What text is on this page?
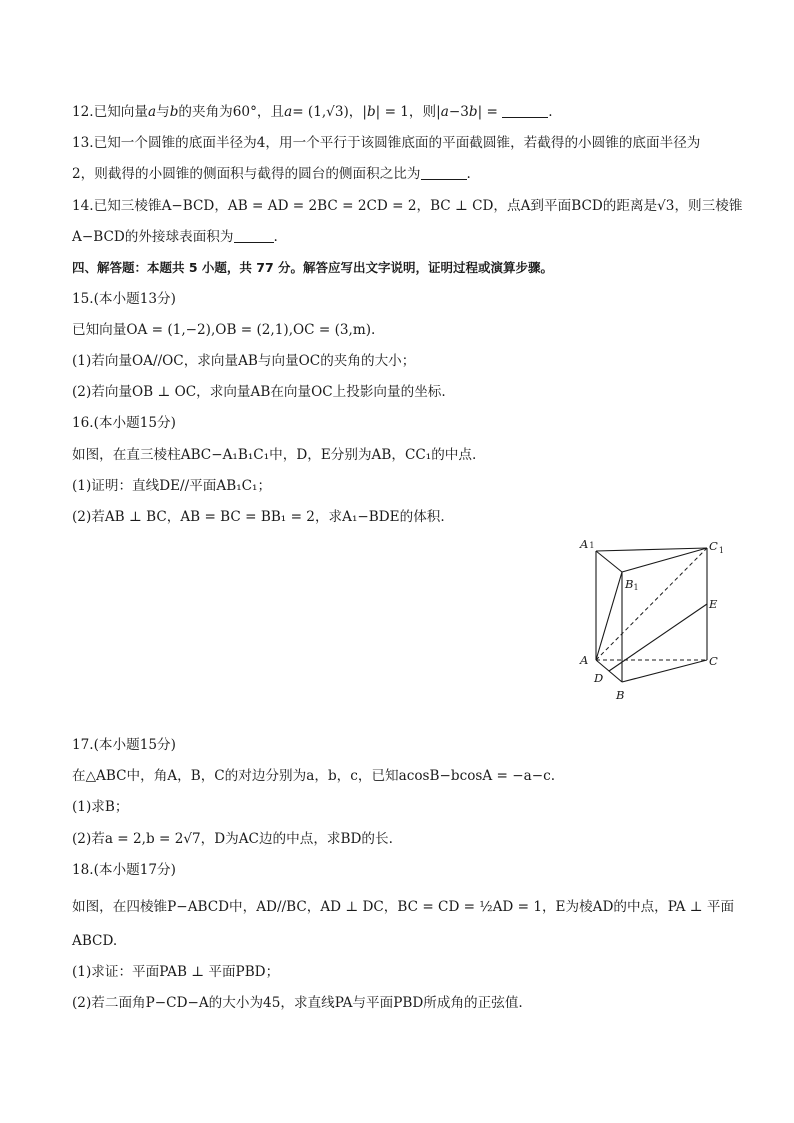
12.已知向量a与b的夹角为60°，且a= (1,√3)，|b| = 1，则|a−3b| =	.
13.已知一个圆锥的底面半径为4，用一个平行于该圆锥底面的平面截圆锥，若截得的小圆锥的底面半径为
2，则截得的小圆锥的侧面积与截得的圆台的侧面积之比为	.
14.已知三棱锥A−BCD，AB = AD = 2BC = 2CD = 2，BC ⊥ CD，点A到平面BCD的距离是√3，则三棱锥
A−BCD的外接球表面积为	.
四、解答题：本题共 5 小题，共 77 分。解答应写出文字说明，证明过程或演算步骤。
15.(本小题13分)
已知向量OA = (1,−2),OB = (2,1),OC = (3,m).
(1)若向量OA//OC，求向量AB与向量OC的夹角的大小；
(2)若向量OB ⊥ OC，求向量AB在向量OC上投影向量的坐标.
16.(本小题15分)
如图，在直三棱柱ABC−A₁B₁C₁中，D，E分别为AB，CC₁的中点.
(1)证明：直线DE//平面AB₁C₁；
(2)若AB ⊥ BC，AB = BC = BB₁ = 2，求A₁−BDE的体积.
A1	$C_1$
B1
E
A	C
D
B
17.(本小题15分)
在△ABC中，角A，B，C的对边分别为a，b，c，已知acosB−bcosA = −a−c.
(1)求B；
(2)若a = 2,b = 2√7，D为AC边的中点，求BD的长.
18.(本小题17分)
如图，在四棱锥P−ABCD中，AD//BC，AD ⊥ DC，BC = CD = ½AD = 1，E为棱AD的中点，PA ⊥ 平面
ABCD.
(1)求证：平面PAB ⊥ 平面PBD；
(2)若二面角P−CD−A的大小为45，求直线PA与平面PBD所成角的正弦值.
